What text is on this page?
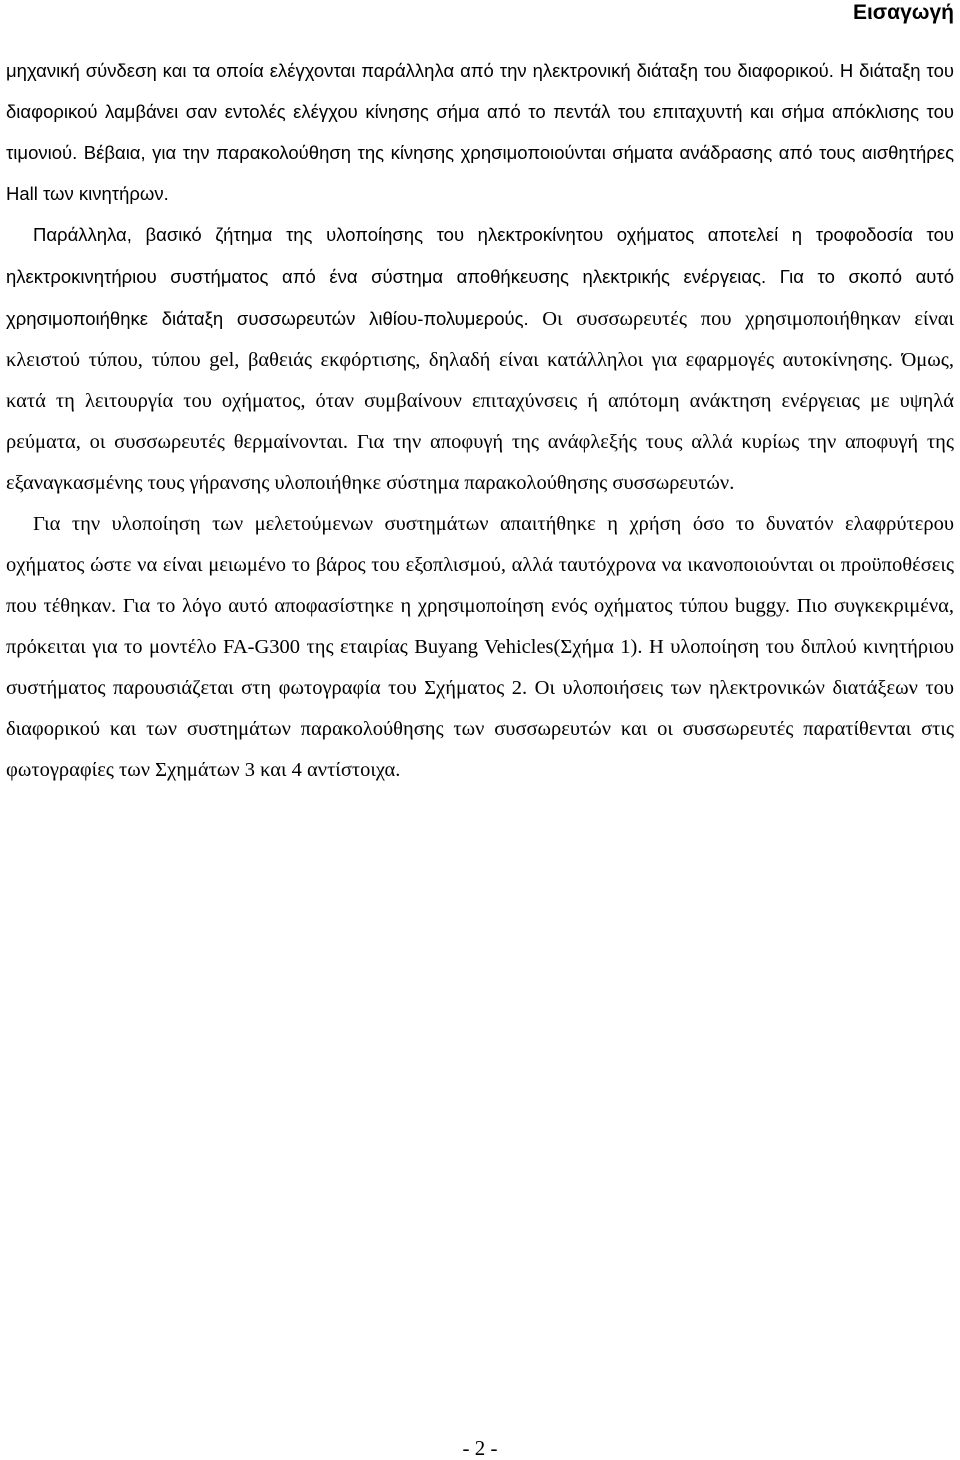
Εισαγωγή

μηχανική σύνδεση και τα οποία ελέγχονται παράλληλα από την ηλεκτρονική διάταξη του διαφορικού. Η διάταξη του διαφορικού λαμβάνει σαν εντολές ελέγχου κίνησης σήμα από το πεντάλ του επιταχυντή και σήμα απόκλισης του τιμονιού. Βέβαια, για την παρακολούθηση της κίνησης χρησιμοποιούνται σήματα ανάδρασης από τους αισθητήρες Hall των κινητήρων.

Παράλληλα, βασικό ζήτημα της υλοποίησης του ηλεκτροκίνητου οχήματος αποτελεί η τροφοδοσία του ηλεκτροκινητήριου συστήματος από ένα σύστημα αποθήκευσης ηλεκτρικής ενέργειας. Για το σκοπό αυτό χρησιμοποιήθηκε διάταξη συσσωρευτών λιθίου-πολυμερούς. Οι συσσωρευτές που χρησιμοποιήθηκαν είναι κλειστού τύπου, τύπου gel, βαθειάς εκφόρτισης, δηλαδή είναι κατάλληλοι για εφαρμογές αυτοκίνησης. Όμως, κατά τη λειτουργία του οχήματος, όταν συμβαίνουν επιταχύνσεις ή απότομη ανάκτηση ενέργειας με υψηλά ρεύματα, οι συσσωρευτές θερμαίνονται. Για την αποφυγή της ανάφλεξής τους αλλά κυρίως την αποφυγή της εξαναγκασμένης τους γήρανσης υλοποιήθηκε σύστημα παρακολούθησης συσσωρευτών.

Για την υλοποίηση των μελετούμενων συστημάτων απαιτήθηκε η χρήση όσο το δυνατόν ελαφρύτερου οχήματος ώστε να είναι μειωμένο το βάρος του εξοπλισμού, αλλά ταυτόχρονα να ικανοποιούνται οι προϋποθέσεις που τέθηκαν. Για το λόγο αυτό αποφασίστηκε η χρησιμοποίηση ενός οχήματος τύπου buggy. Πιο συγκεκριμένα, πρόκειται για το μοντέλο FA-G300 της εταιρίας Buyang Vehicles(Σχήμα 1). Η υλοποίηση του διπλού κινητήριου συστήματος παρουσιάζεται στη φωτογραφία του Σχήματος 2. Οι υλοποιήσεις των ηλεκτρονικών διατάξεων του διαφορικού και των συστημάτων παρακολούθησης των συσσωρευτών και οι συσσωρευτές παρατίθενται στις φωτογραφίες των Σχημάτων 3 και 4 αντίστοιχα.

- 2 -
